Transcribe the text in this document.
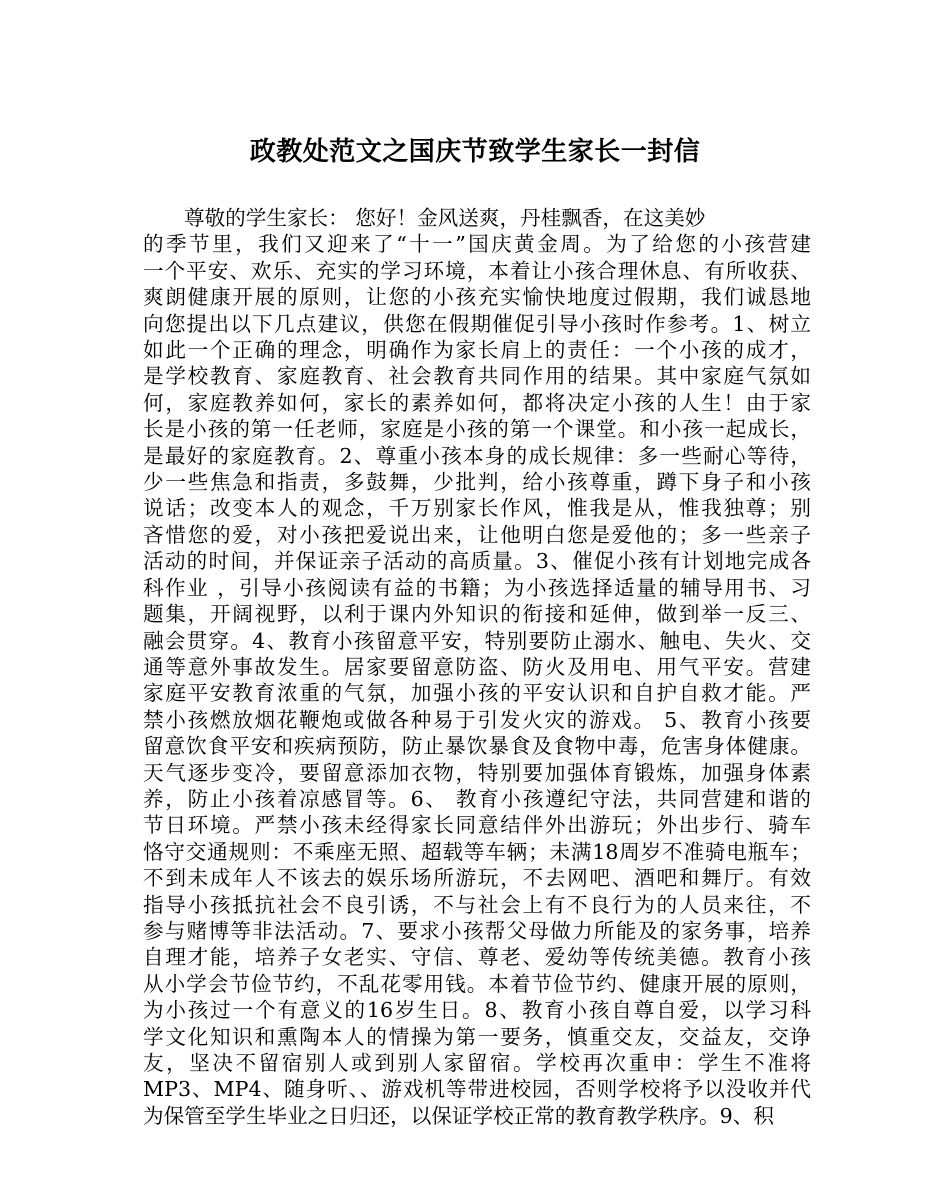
政教处范文之国庆节致学生家长一封信
尊敬的学生家长： 您好！金风送爽，丹桂飘香，在这美妙
的季节里，我们又迎来了“十一”国庆黄金周。为了给您的小孩营建
一个平安、欢乐、充实的学习环境，本着让小孩合理休息、有所收获、
爽朗健康开展的原则，让您的小孩充实愉快地度过假期，我们诚恳地
向您提出以下几点建议，供您在假期催促引导小孩时作参考。1、树立
如此一个正确的理念，明确作为家长肩上的责任：一个小孩的成才，
是学校教育、家庭教育、社会教育共同作用的结果。其中家庭气氛如
何，家庭教养如何，家长的素养如何，都将决定小孩的人生！由于家
长是小孩的第一任老师，家庭是小孩的第一个课堂。和小孩一起成长，
是最好的家庭教育。2、尊重小孩本身的成长规律：多一些耐心等待，
少一些焦急和指责，多鼓舞，少批判，给小孩尊重，蹲下身子和小孩
说话；改变本人的观念，千万别家长作风，惟我是从，惟我独尊；别
吝惜您的爱，对小孩把爱说出来，让他明白您是爱他的；多一些亲子
活动的时间，并保证亲子活动的高质量。3、催促小孩有计划地完成各
科作业 ，引导小孩阅读有益的书籍；为小孩选择适量的辅导用书、习
题集，开阔视野，以利于课内外知识的衔接和延伸，做到举一反三、
融会贯穿。4、教育小孩留意平安，特别要防止溺水、触电、失火、交
通等意外事故发生。居家要留意防盗、防火及用电、用气平安。营建
家庭平安教育浓重的气氛，加强小孩的平安认识和自护自救才能。严
禁小孩燃放烟花鞭炮或做各种易于引发火灾的游戏。 5、教育小孩要
留意饮食平安和疾病预防，防止暴饮暴食及食物中毒，危害身体健康。
天气逐步变冷，要留意添加衣物，特别要加强体育锻炼，加强身体素
养，防止小孩着凉感冒等。6、 教育小孩遵纪守法，共同营建和谐的
节日环境。严禁小孩未经得家长同意结伴外出游玩；外出步行、骑车
恪守交通规则：不乘座无照、超载等车辆；未满18周岁不准骑电瓶车；
不到未成年人不该去的娱乐场所游玩，不去网吧、酒吧和舞厅。有效
指导小孩抵抗社会不良引诱，不与社会上有不良行为的人员来往，不
参与赌博等非法活动。7、要求小孩帮父母做力所能及的家务事，培养
自理才能，培养子女老实、守信、尊老、爱幼等传统美德。教育小孩
从小学会节俭节约，不乱花零用钱。本着节俭节约、健康开展的原则，
为小孩过一个有意义的16岁生日。8、教育小孩自尊自爱，以学习科
学文化知识和熏陶本人的情操为第一要务，慎重交友，交益友，交诤
友，坚决不留宿别人或到别人家留宿。学校再次重申：学生不准将
MP3、MP4、随身听、、游戏机等带进校园，否则学校将予以没收并代
为保管至学生毕业之日归还，以保证学校正常的教育教学秩序。9、积
